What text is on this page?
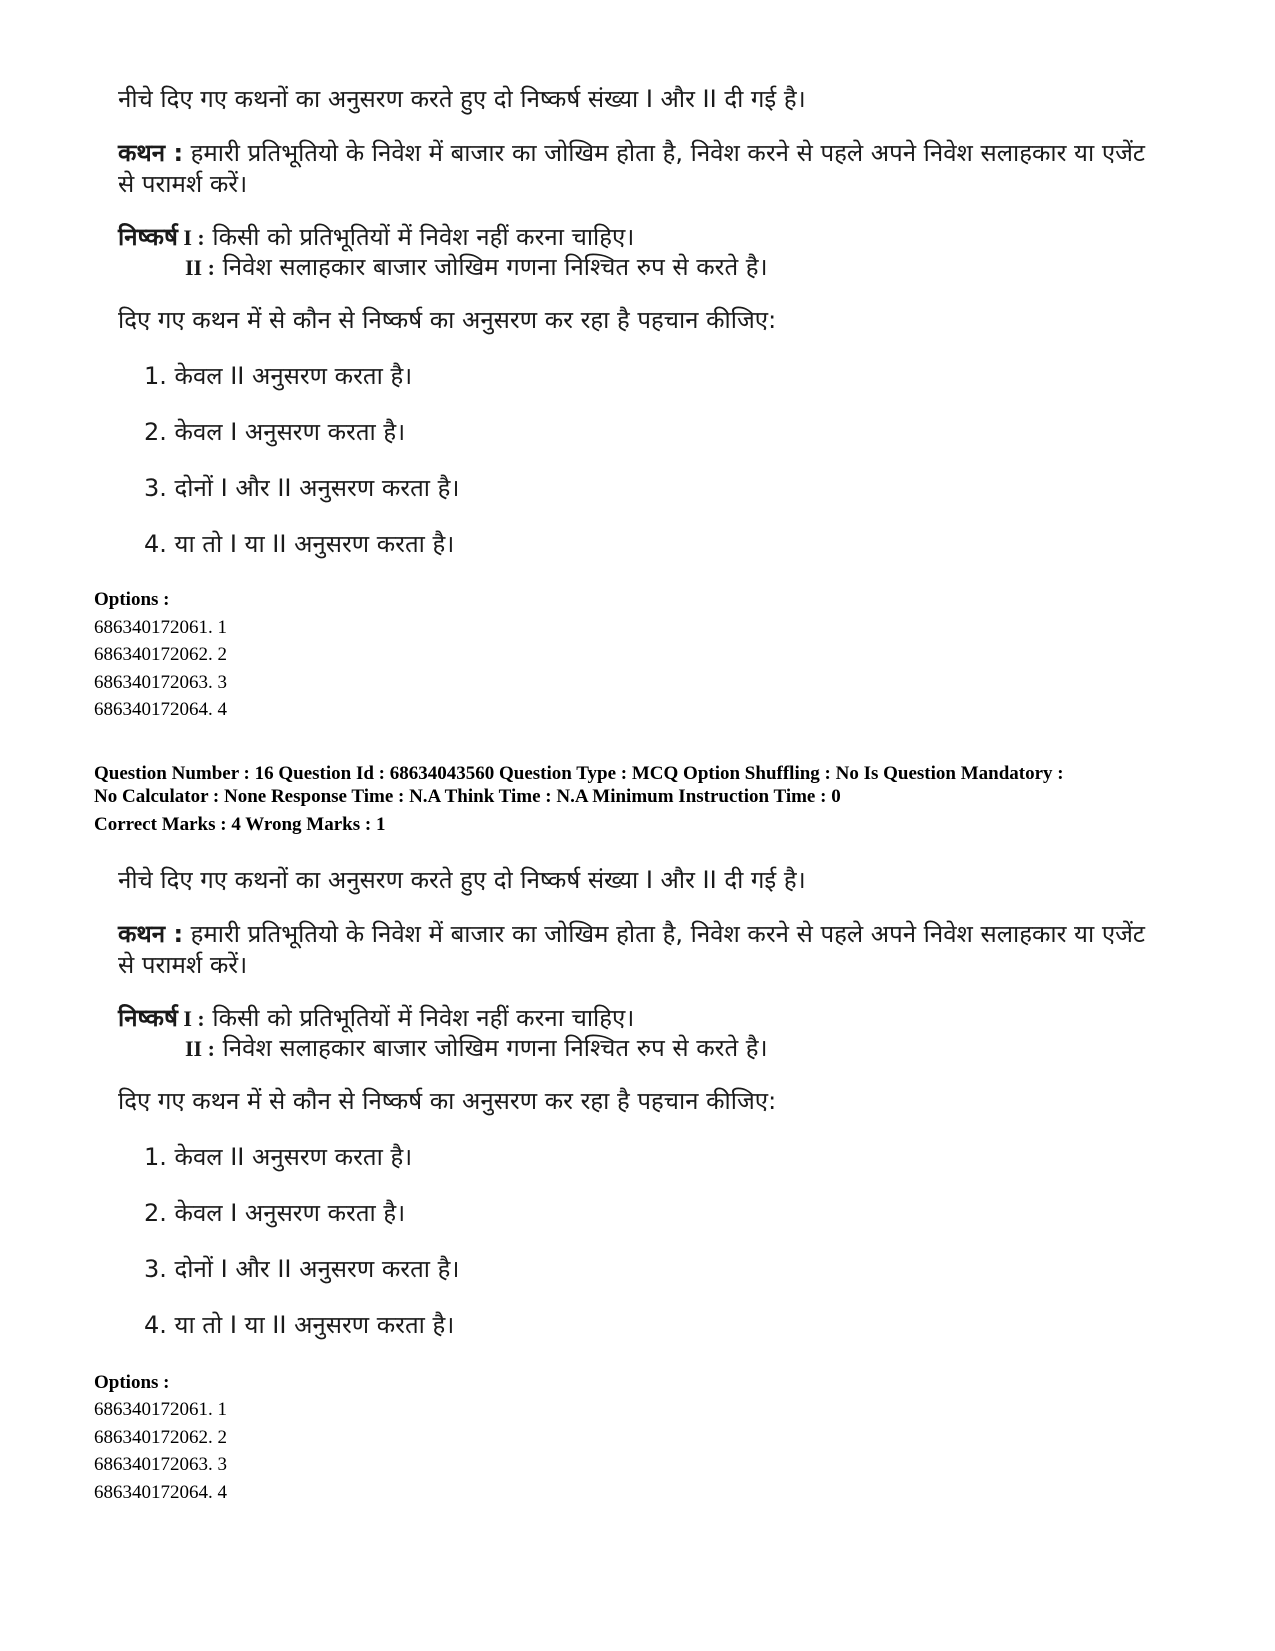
नीचे दिए गए कथनों का अनुसरण करते हुए दो निष्कर्ष संख्या I और II दी गई है।
कथन : हमारी प्रतिभूतियो के निवेश में बाजार का जोखिम होता है, निवेश करने से पहले अपने निवेश सलाहकार या एजेंट
से परामर्श करें।
निष्कर्ष I : किसी को प्रतिभूतियों में निवेश नहीं करना चाहिए।
II : निवेश सलाहकार बाजार जोखिम गणना निश्चित रुप से करते है।
दिए गए कथन में से कौन से निष्कर्ष का अनुसरण कर रहा है पहचान कीजिए:
1. केवल II अनुसरण करता है।
2. केवल I अनुसरण करता है।
3. दोनों I और II अनुसरण करता है।
4. या तो I या II अनुसरण करता है।
Options :
686340172061. 1
686340172062. 2
686340172063. 3
686340172064. 4
Question Number : 16 Question Id : 68634043560 Question Type : MCQ Option Shuffling : No Is Question Mandatory :
No Calculator : None Response Time : N.A Think Time : N.A Minimum Instruction Time : 0
Correct Marks : 4 Wrong Marks : 1
नीचे दिए गए कथनों का अनुसरण करते हुए दो निष्कर्ष संख्या I और II दी गई है।
कथन : हमारी प्रतिभूतियो के निवेश में बाजार का जोखिम होता है, निवेश करने से पहले अपने निवेश सलाहकार या एजेंट
से परामर्श करें।
निष्कर्ष I : किसी को प्रतिभूतियों में निवेश नहीं करना चाहिए।
II : निवेश सलाहकार बाजार जोखिम गणना निश्चित रुप से करते है।
दिए गए कथन में से कौन से निष्कर्ष का अनुसरण कर रहा है पहचान कीजिए:
1. केवल II अनुसरण करता है।
2. केवल I अनुसरण करता है।
3. दोनों I और II अनुसरण करता है।
4. या तो I या II अनुसरण करता है।
Options :
686340172061. 1
686340172062. 2
686340172063. 3
686340172064. 4
